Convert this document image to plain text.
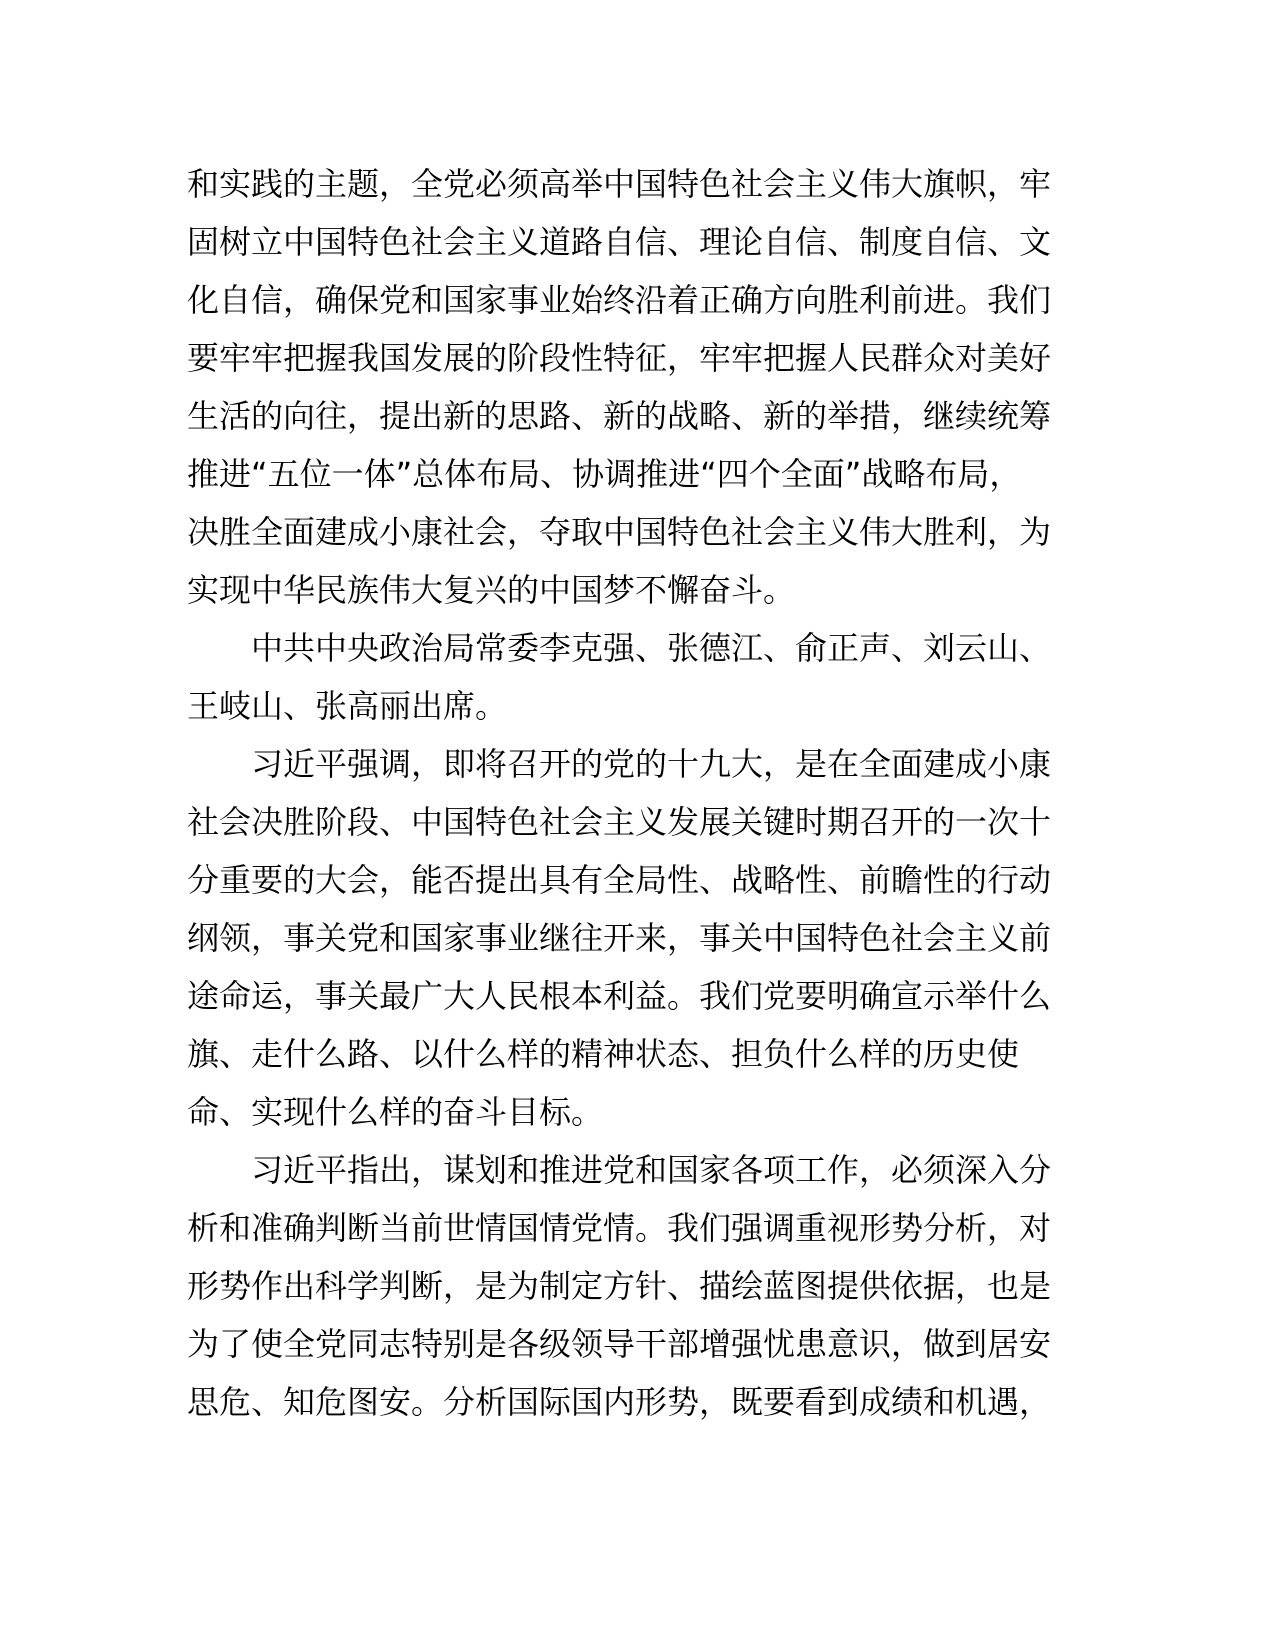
和实践的主题，全党必须高举中国特色社会主义伟大旗帜，牢
固树立中国特色社会主义道路自信、理论自信、制度自信、文
化自信，确保党和国家事业始终沿着正确方向胜利前进。我们
要牢牢把握我国发展的阶段性特征，牢牢把握人民群众对美好
生活的向往，提出新的思路、新的战略、新的举措，继续统筹
推进“五位一体”总体布局、协调推进“四个全面”战略布局，
决胜全面建成小康社会，夺取中国特色社会主义伟大胜利，为
实现中华民族伟大复兴的中国梦不懈奋斗。
中共中央政治局常委李克强、张德江、俞正声、刘云山、
王岐山、张高丽出席。
习近平强调，即将召开的党的十九大，是在全面建成小康
社会决胜阶段、中国特色社会主义发展关键时期召开的一次十
分重要的大会，能否提出具有全局性、战略性、前瞻性的行动
纲领，事关党和国家事业继往开来，事关中国特色社会主义前
途命运，事关最广大人民根本利益。我们党要明确宣示举什么
旗、走什么路、以什么样的精神状态、担负什么样的历史使
命、实现什么样的奋斗目标。
习近平指出，谋划和推进党和国家各项工作，必须深入分
析和准确判断当前世情国情党情。我们强调重视形势分析，对
形势作出科学判断，是为制定方针、描绘蓝图提供依据，也是
为了使全党同志特别是各级领导干部增强忧患意识，做到居安
思危、知危图安。分析国际国内形势，既要看到成绩和机遇，
